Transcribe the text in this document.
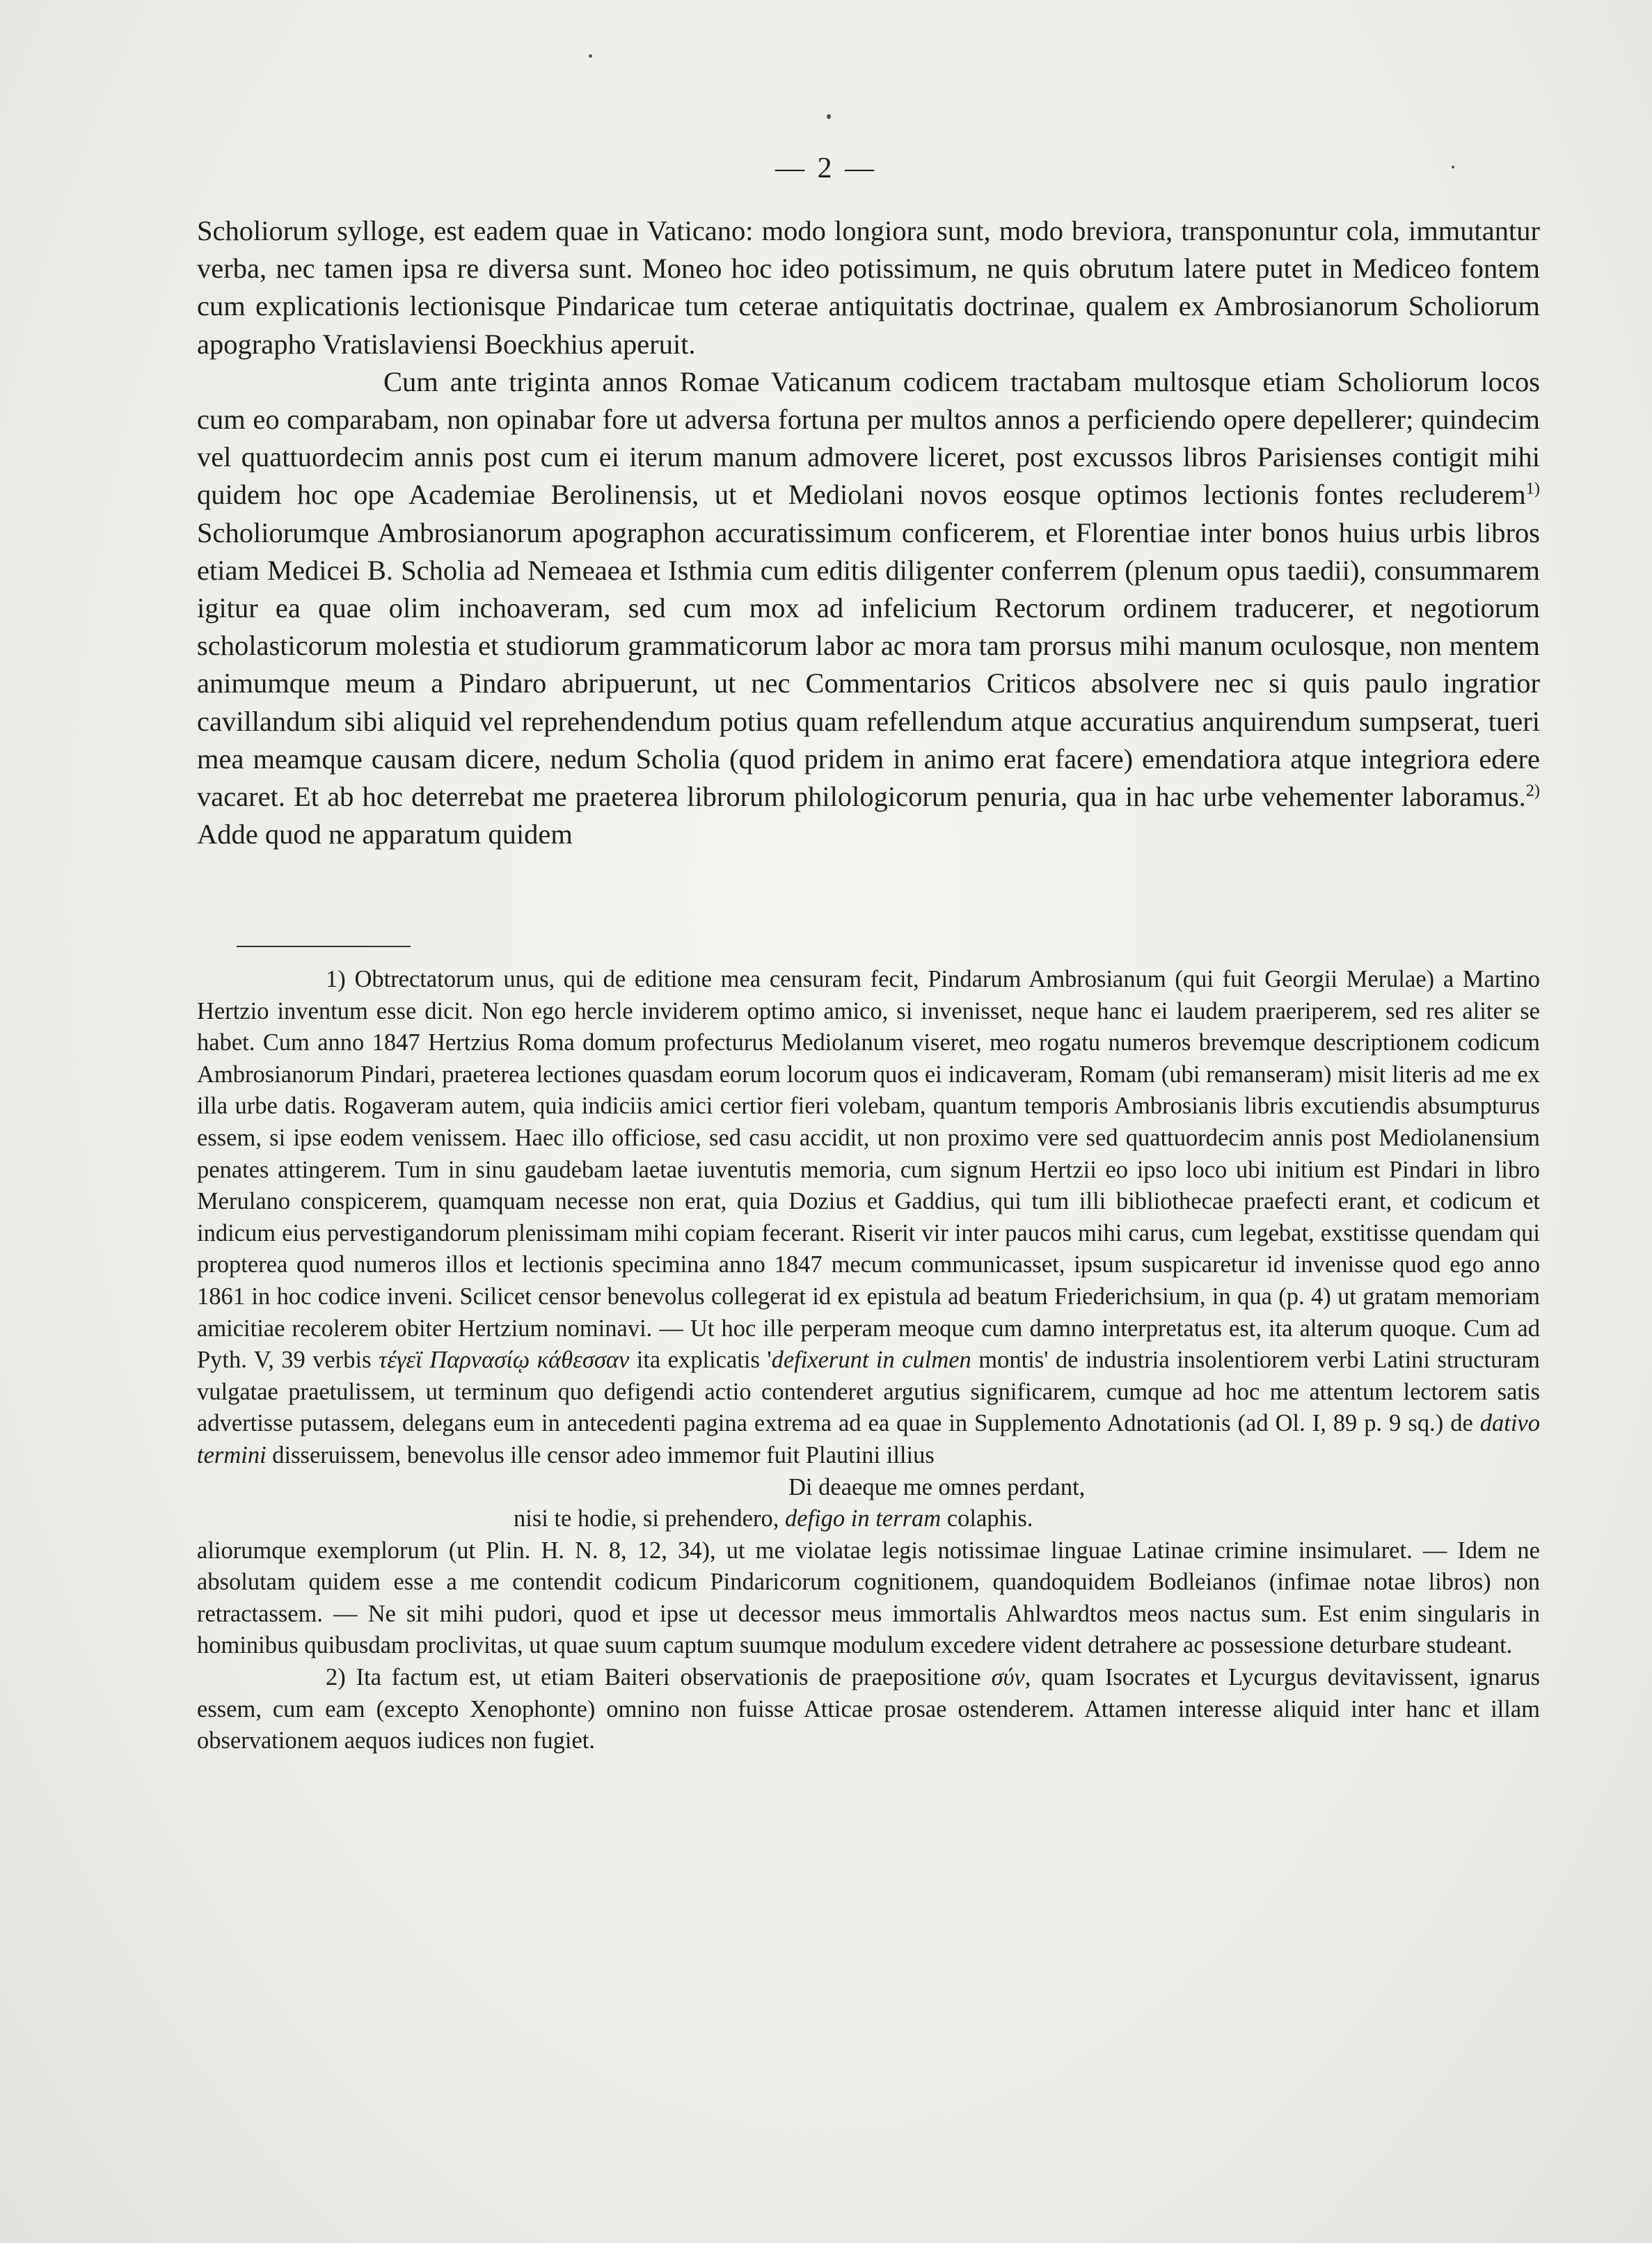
— 2 —

Scholiorum sylloge, est eadem quae in Vaticano: modo longiora sunt, modo breviora, transponuntur cola, immutantur verba, nec tamen ipsa re diversa sunt. Moneo hoc ideo potissimum, ne quis obrutum latere putet in Mediceo fontem cum explicationis lectionisque Pindaricae tum ceterae antiquitatis doctrinae, qualem ex Ambrosianorum Scholiorum apographo Vratislaviensi Boeckhius aperuit.

Cum ante triginta annos Romae Vaticanum codicem tractabam multosque etiam Scholiorum locos cum eo comparabam, non opinabar fore ut adversa fortuna per multos annos a perficiendo opere depellerer; quindecim vel quattuordecim annis post cum ei iterum manum admovere liceret, post excussos libros Parisienses contigit mihi quidem hoc ope Academiae Berolinensis, ut et Mediolani novos eosque optimos lectionis fontes recluderem$^{1)}$ Scholiorumque Ambrosianorum apographon accuratissimum conficerem, et Florentiae inter bonos huius urbis libros etiam Medicei B. Scholia ad Nemeaea et Isthmia cum editis diligenter conferrem (plenum opus taedii), consummarem igitur ea quae olim inchoaveram, sed cum mox ad infelicium Rectorum ordinem traducerer, et negotiorum scholasticorum molestia et studiorum grammaticorum labor ac mora tam prorsus mihi manum oculosque, non mentem animumque meum a Pindaro abripuerunt, ut nec Commentarios Criticos absolvere nec si quis paulo ingratior cavillandum sibi aliquid vel reprehendendum potius quam refellendum atque accuratius anquirendum sumpserat, tueri mea meamque causam dicere, nedum Scholia (quod pridem in animo erat facere) emendatiora atque integriora edere vacaret. Et ab hoc deterrebat me praeterea librorum philologicorum penuria, qua in hac urbe vehementer laboramus.$^{2)}$ Adde quod ne apparatum quidem

1) Obtrectatorum unus, qui de editione mea censuram fecit, Pindarum Ambrosianum (qui fuit Georgii Merulae) a Martino Hertzio inventum esse dicit. Non ego hercle inviderem optimo amico, si invenisset, neque hanc ei laudem praeriperem, sed res aliter se habet. Cum anno 1847 Hertzius Roma domum profecturus Mediolanum viseret, meo rogatu numeros brevemque descriptionem codicum Ambrosianorum Pindari, praeterea lectiones quasdam eorum locorum quos ei indicaveram, Romam (ubi remanseram) misit literis ad me ex illa urbe datis. Rogaveram autem, quia indiciis amici certior fieri volebam, quantum temporis Ambrosianis libris excutiendis absumpturus essem, si ipse eodem venissem. Haec illo officiose, sed casu accidit, ut non proximo vere sed quattuordecim annis post Mediolanensium penates attingerem. Tum in sinu gaudebam laetae iuventutis memoria, cum signum Hertzii eo ipso loco ubi initium est Pindari in libro Merulano conspicerem, quamquam necesse non erat, quia Dozius et Gaddius, qui tum illi bibliothecae praefecti erant, et codicum et indicum eius pervestigandorum plenissimam mihi copiam fecerant. Riserit vir inter paucos mihi carus, cum legebat, exstitisse quendam qui propterea quod numeros illos et lectionis specimina anno 1847 mecum communicasset, ipsum suspicaretur id invenisse quod ego anno 1861 in hoc codice inveni. Scilicet censor benevolus collegerat id ex epistula ad beatum Friederichsium, in qua (p. 4) ut gratam memoriam amicitiae recolerem obiter Hertzium nominavi. — Ut hoc ille perperam meoque cum damno interpretatus est, ita alterum quoque. Cum ad Pyth. V, 39 verbis τέγεϊ Παρνασίῳ κάθεσσαν ita explicatis 'defixerunt in culmen montis' de industria insolentiorem verbi Latini structuram vulgatae praetulissem, ut terminum quo defigendi actio contenderet argutius significarem, cumque ad hoc me attentum lectorem satis advertisse putassem, delegans eum in antecedenti pagina extrema ad ea quae in Supplemento Adnotationis (ad Ol. I, 89 p. 9 sq.) de dativo termini disseruissem, benevolus ille censor adeo immemor fuit Plautini illius

Di deaeque me omnes perdant,
nisi te hodie, si prehendero, defigo in terram colaphis.

aliorumque exemplorum (ut Plin. H. N. 8, 12, 34), ut me violatae legis notissimae linguae Latinae crimine insimularet. — Idem ne absolutam quidem esse a me contendit codicum Pindaricorum cognitionem, quandoquidem Bodleianos (infimae notae libros) non retractassem. — Ne sit mihi pudori, quod et ipse ut decessor meus immortalis Ahlwardtos meos nactus sum. Est enim singularis in hominibus quibusdam proclivitas, ut quae suum captum suumque modulum excedere vident detrahere ac possessione deturbare studeant.

2) Ita factum est, ut etiam Baiteri observationis de praepositione σύν, quam Isocrates et Lycurgus devitavissent, ignarus essem, cum eam (excepto Xenophonte) omnino non fuisse Atticae prosae ostenderem. Attamen interesse aliquid inter hanc et illam observationem aequos iudices non fugiet.
